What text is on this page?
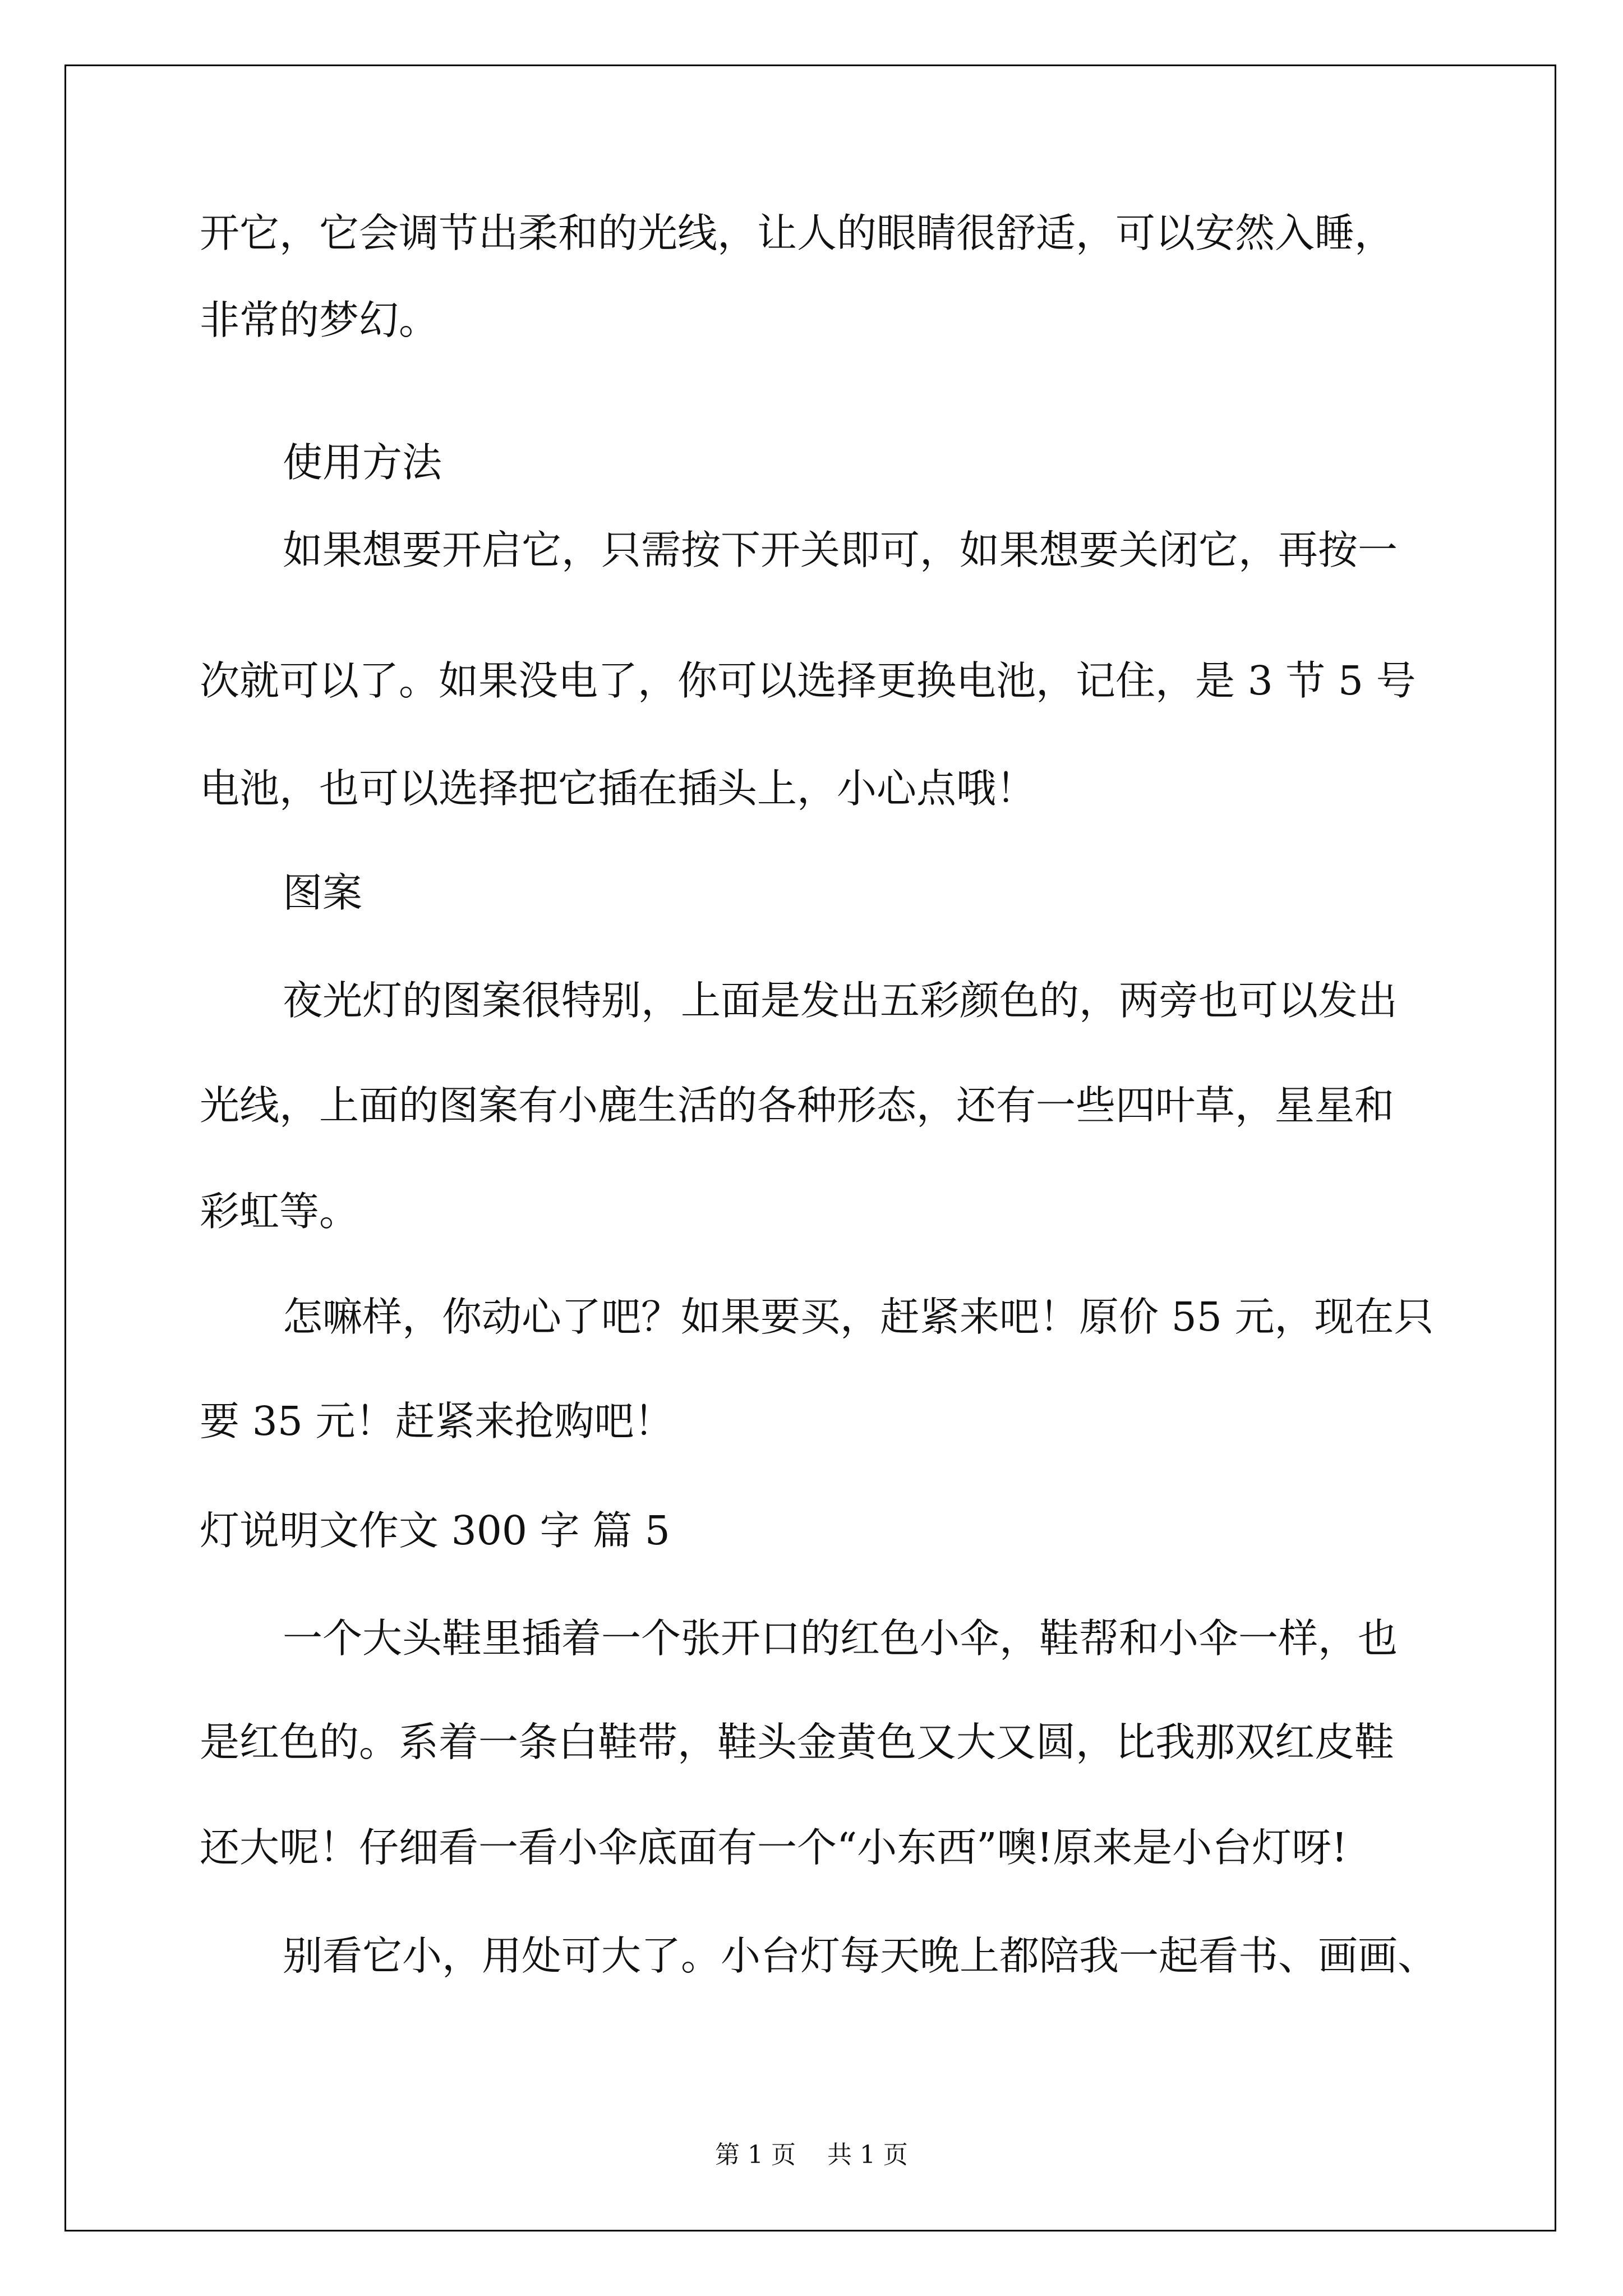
开它，它会调节出柔和的光线，让人的眼睛很舒适，可以安然入睡，
非常的梦幻。
使用方法
如果想要开启它，只需按下开关即可，如果想要关闭它，再按一
次就可以了。如果没电了，你可以选择更换电池，记住，是 3 节 5 号
电池，也可以选择把它插在插头上，小心点哦！
图案
夜光灯的图案很特别，上面是发出五彩颜色的，两旁也可以发出
光线，上面的图案有小鹿生活的各种形态，还有一些四叶草，星星和
彩虹等。
怎嘛样，你动心了吧？如果要买，赶紧来吧！原价 55 元，现在只
要 35 元！赶紧来抢购吧！
灯说明文作文 300 字 篇 5
一个大头鞋里插着一个张开口的红色小伞，鞋帮和小伞一样，也
是红色的。系着一条白鞋带，鞋头金黄色又大又圆，比我那双红皮鞋
还大呢！仔细看一看小伞底面有一个“小东西”噢!原来是小台灯呀!
别看它小，用处可大了。小台灯每天晚上都陪我一起看书、画画、
第 1 页    共 1 页
